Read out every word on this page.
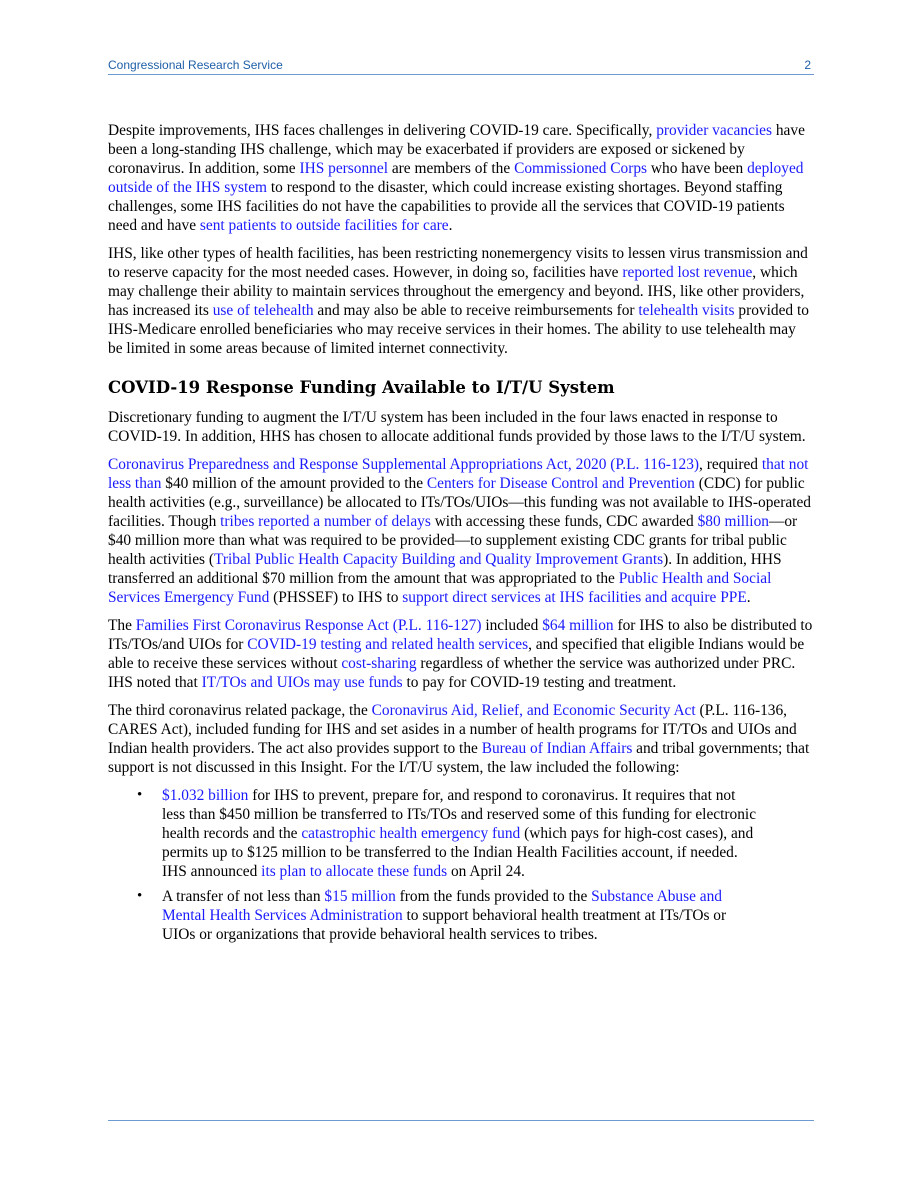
Congressional Research Service	2

Despite improvements, IHS faces challenges in delivering COVID-19 care. Specifically, provider vacancies have been a long-standing IHS challenge, which may be exacerbated if providers are exposed or sickened by coronavirus. In addition, some IHS personnel are members of the Commissioned Corps who have been deployed outside of the IHS system to respond to the disaster, which could increase existing shortages. Beyond staffing challenges, some IHS facilities do not have the capabilities to provide all the services that COVID-19 patients need and have sent patients to outside facilities for care.

IHS, like other types of health facilities, has been restricting nonemergency visits to lessen virus transmission and to reserve capacity for the most needed cases. However, in doing so, facilities have reported lost revenue, which may challenge their ability to maintain services throughout the emergency and beyond. IHS, like other providers, has increased its use of telehealth and may also be able to receive reimbursements for telehealth visits provided to IHS-Medicare enrolled beneficiaries who may receive services in their homes. The ability to use telehealth may be limited in some areas because of limited internet connectivity.

COVID-19 Response Funding Available to I/T/U System

Discretionary funding to augment the I/T/U system has been included in the four laws enacted in response to COVID-19. In addition, HHS has chosen to allocate additional funds provided by those laws to the I/T/U system.

Coronavirus Preparedness and Response Supplemental Appropriations Act, 2020 (P.L. 116-123), required that not less than $40 million of the amount provided to the Centers for Disease Control and Prevention (CDC) for public health activities (e.g., surveillance) be allocated to ITs/TOs/UIOs—this funding was not available to IHS-operated facilities. Though tribes reported a number of delays with accessing these funds, CDC awarded $80 million—or $40 million more than what was required to be provided—to supplement existing CDC grants for tribal public health activities (Tribal Public Health Capacity Building and Quality Improvement Grants). In addition, HHS transferred an additional $70 million from the amount that was appropriated to the Public Health and Social Services Emergency Fund (PHSSEF) to IHS to support direct services at IHS facilities and acquire PPE.

The Families First Coronavirus Response Act (P.L. 116-127) included $64 million for IHS to also be distributed to ITs/TOs/and UIOs for COVID-19 testing and related health services, and specified that eligible Indians would be able to receive these services without cost-sharing regardless of whether the service was authorized under PRC. IHS noted that IT/TOs and UIOs may use funds to pay for COVID-19 testing and treatment.

The third coronavirus related package, the Coronavirus Aid, Relief, and Economic Security Act (P.L. 116-136, CARES Act), included funding for IHS and set asides in a number of health programs for IT/TOs and UIOs and Indian health providers. The act also provides support to the Bureau of Indian Affairs and tribal governments; that support is not discussed in this Insight. For the I/T/U system, the law included the following:

• $1.032 billion for IHS to prevent, prepare for, and respond to coronavirus. It requires that not less than $450 million be transferred to ITs/TOs and reserved some of this funding for electronic health records and the catastrophic health emergency fund (which pays for high-cost cases), and permits up to $125 million to be transferred to the Indian Health Facilities account, if needed. IHS announced its plan to allocate these funds on April 24.
• A transfer of not less than $15 million from the funds provided to the Substance Abuse and Mental Health Services Administration to support behavioral health treatment at ITs/TOs or UIOs or organizations that provide behavioral health services to tribes.
